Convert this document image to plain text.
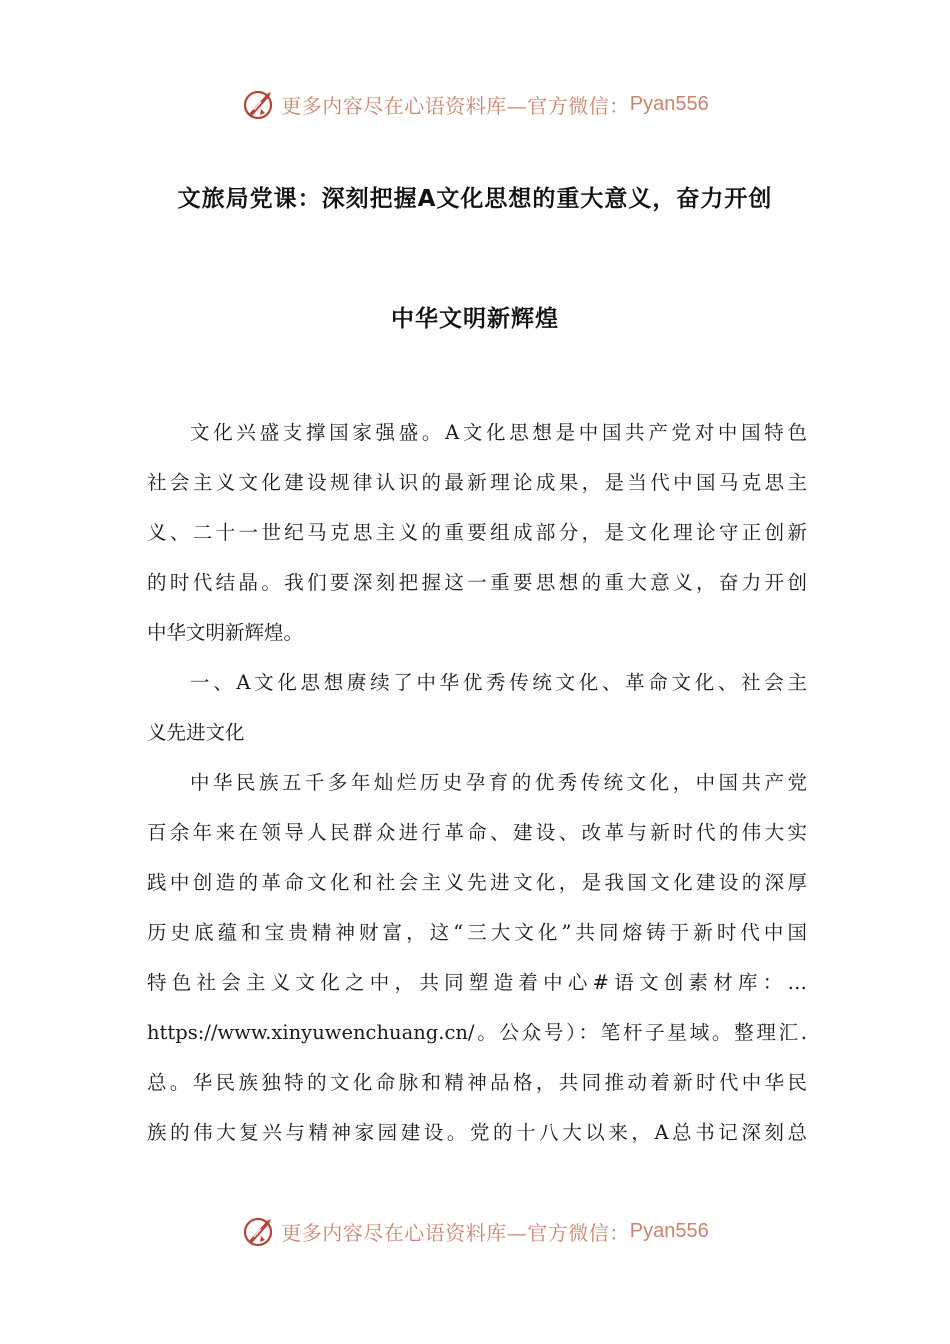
更多内容尽在心语资料库—官方微信： Pyan556
文旅局党课：深刻把握A文化思想的重大意义，奋力开创
中华文明新辉煌
文化兴盛支撑国家强盛。A文化思想是中国共产党对中国特色
社会主义文化建设规律认识的最新理论成果，是当代中国马克思主
义、二十一世纪马克思主义的重要组成部分，是文化理论守正创新
的时代结晶。我们要深刻把握这一重要思想的重大意义，奋力开创
中华文明新辉煌。
一、A文化思想赓续了中华优秀传统文化、革命文化、社会主
义先进文化
中华民族五千多年灿烂历史孕育的优秀传统文化，中国共产党
百余年来在领导人民群众进行革命、建设、改革与新时代的伟大实
践中创造的革命文化和社会主义先进文化，是我国文化建设的深厚
历史底蕴和宝贵精神财富，这“三大文化”共同熔铸于新时代中国
特色社会主义文化之中，共同塑造着中心#语文创素材库：…
https://www.xinyuwenchuang.cn/。公众号）：笔杆子星域。整理汇.
总。华民族独特的文化命脉和精神品格，共同推动着新时代中华民
族的伟大复兴与精神家园建设。党的十八大以来，A总书记深刻总
更多内容尽在心语资料库—官方微信： Pyan556
